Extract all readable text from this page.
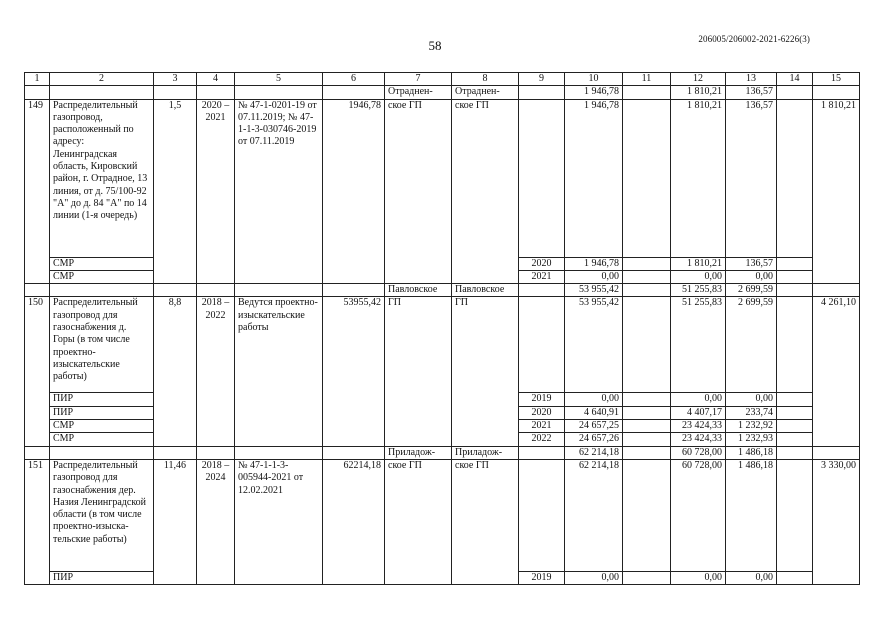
206005/206002-2021-6226(3)
58
1	2	3	4	5	6	7	8	9	10	11	12	13	14	15
						Отраднен-	Отраднен-		1 946,78		1 810,21	136,57		
149	Распределительный газопровод, расположенный по адресу: Ленинградская область, Кировский район, г. Отрадное, 13 линия, от д. 75/100-92 "А" до д. 84 "А" по 14 линии (1-я очередь)	1,5	2020 – 2021	№ 47-1-0201-19 от 07.11.2019; № 47-1-1-3-030746-2019 от 07.11.2019	1946,78	ское ГП	ское ГП		1 946,78		1 810,21	136,57		1 810,21
	СМР							2020	1 946,78		1 810,21	136,57		
	СМР							2021	0,00		0,00	0,00		
						Павловское	Павловское		53 955,42		51 255,83	2 699,59		
150	Распределительный газопровод для газоснабжения д. Горы (в том числе проектно-изыскательские работы)	8,8	2018 – 2022	Ведутся проектно-изыскательские работы	53955,42	ГП	ГП		53 955,42		51 255,83	2 699,59		4 261,10
	ПИР							2019	0,00		0,00	0,00		
	ПИР							2020	4 640,91		4 407,17	233,74		
	СМР							2021	24 657,25		23 424,33	1 232,92		
	СМР							2022	24 657,26		23 424,33	1 232,93		
						Приладож-	Приладож-		62 214,18		60 728,00	1 486,18		
151	Распределительный газопровод для газоснабжения дер. Назия Ленинградской области (в том числе проектно-изыска-тельские работы)	11,46	2018 – 2024	№ 47-1-1-3-005944-2021 от 12.02.2021	62214,18	ское ГП	ское ГП		62 214,18		60 728,00	1 486,18		3 330,00
	ПИР							2019	0,00		0,00	0,00		
